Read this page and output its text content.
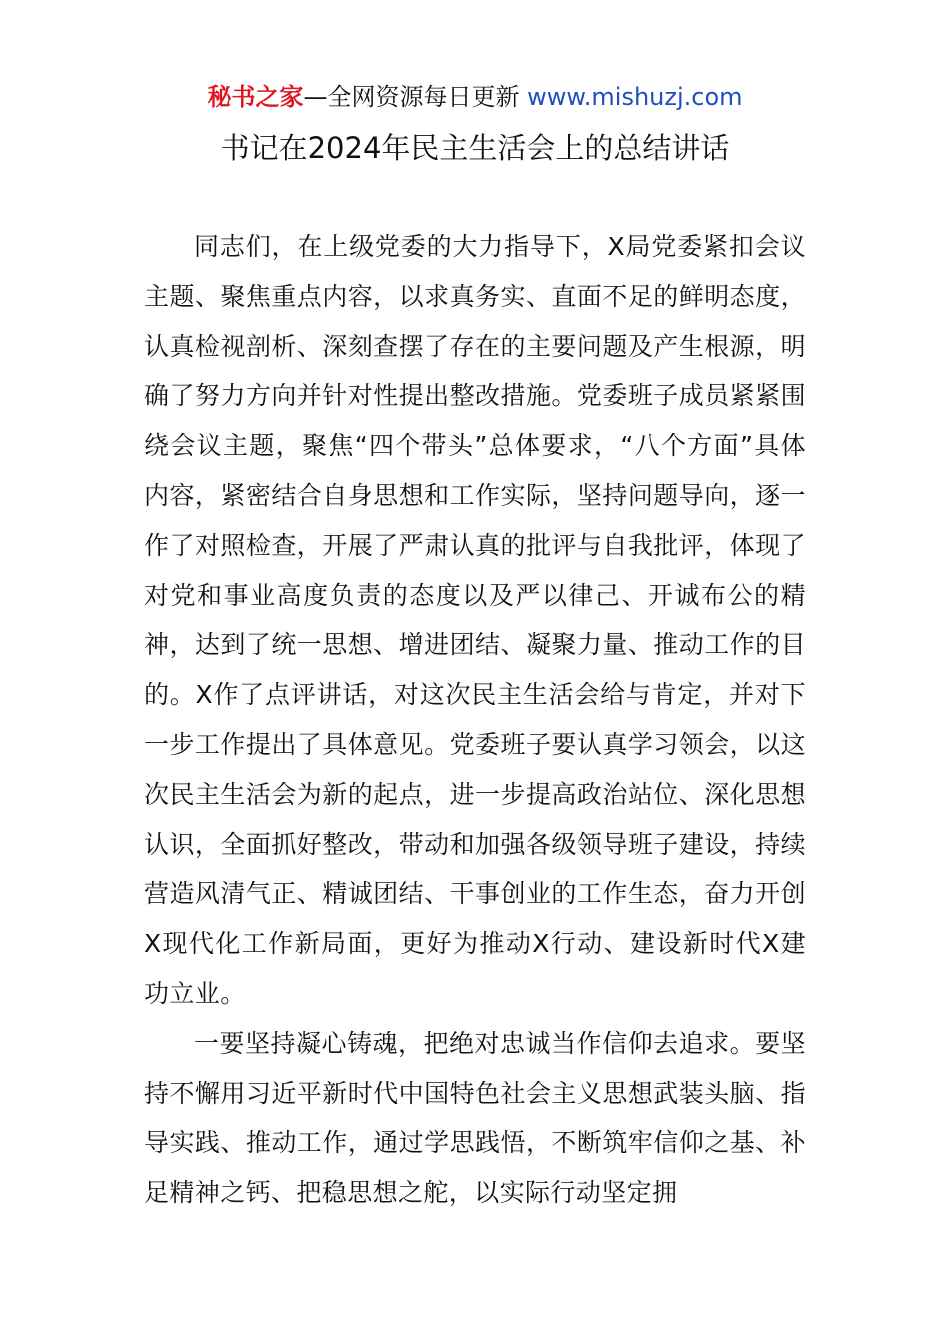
秘书之家—全网资源每日更新 www.mishuzj.com
书记在2024年民主生活会上的总结讲话

同志们，在上级党委的大力指导下，X局党委紧扣会议主题、聚焦重点内容，以求真务实、直面不足的鲜明态度，认真检视剖析、深刻查摆了存在的主要问题及产生根源，明确了努力方向并针对性提出整改措施。党委班子成员紧紧围绕会议主题，聚焦“四个带头”总体要求，“八个方面”具体内容，紧密结合自身思想和工作实际，坚持问题导向，逐一作了对照检查，开展了严肃认真的批评与自我批评，体现了对党和事业高度负责的态度以及严以律己、开诚布公的精神，达到了统一思想、增进团结、凝聚力量、推动工作的目的。X作了点评讲话，对这次民主生活会给与肯定，并对下一步工作提出了具体意见。党委班子要认真学习领会，以这次民主生活会为新的起点，进一步提高政治站位、深化思想认识，全面抓好整改，带动和加强各级领导班子建设，持续营造风清气正、精诚团结、干事创业的工作生态，奋力开创X现代化工作新局面，更好为推动X行动、建设新时代X建功立业。

一要坚持凝心铸魂，把绝对忠诚当作信仰去追求。要坚持不懈用习近平新时代中国特色社会主义思想武装头脑、指导实践、推动工作，通过学思践悟，不断筑牢信仰之基、补足精神之钙、把稳思想之舵，以实际行动坚定拥
